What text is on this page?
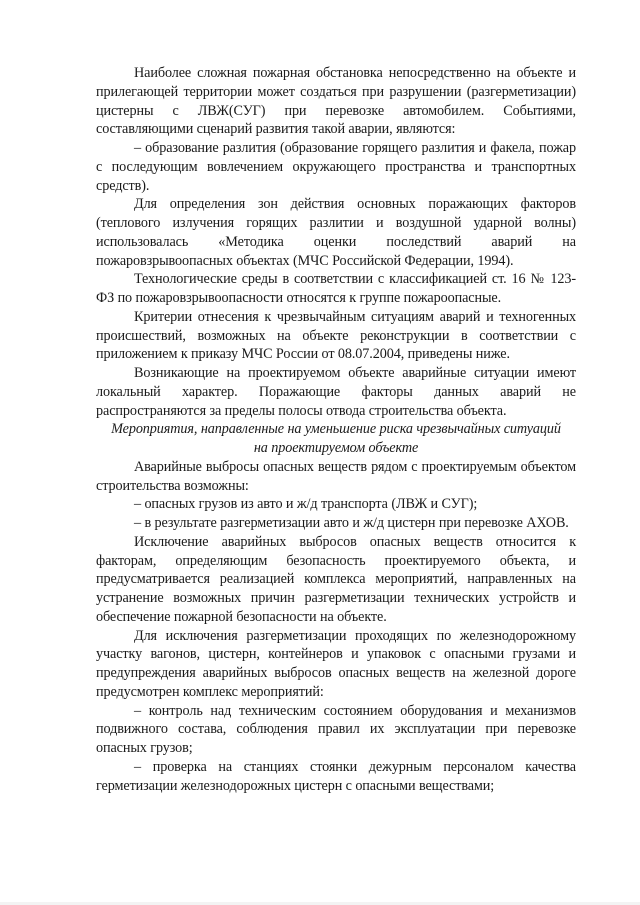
Наиболее сложная пожарная обстановка непосредственно на объекте и прилегающей территории может создаться при разрушении (разгерметизации) цистерны с ЛВЖ(СУГ) при перевозке автомобилем. Событиями, составляющими сценарий развития такой аварии, являются:

– образование разлития (образование горящего разлития и факела, пожар с последующим вовлечением окружающего пространства и транспортных средств).

Для определения зон действия основных поражающих факторов (теплового излучения горящих разлитии и воздушной ударной волны) использовалась «Методика оценки последствий аварий на пожаровзрывоопасных объектах (МЧС Российской Федерации, 1994).

Технологические среды в соответствии с классификацией ст. 16 № 123-ФЗ по пожаровзрывоопасности относятся к группе пожароопасные.

Критерии отнесения к чрезвычайным ситуациям аварий и техногенных происшествий, возможных на объекте реконструкции в соответствии с приложением к приказу МЧС России от 08.07.2004, приведены ниже.

Возникающие на проектируемом объекте аварийные ситуации имеют локальный характер. Поражающие факторы данных аварий не распространяются за пределы полосы отвода строительства объекта.

Мероприятия, направленные на уменьшение риска чрезвычайных ситуаций на проектируемом объекте

Аварийные выбросы опасных веществ рядом с проектируемым объектом строительства возможны:

– опасных грузов из авто и ж/д транспорта (ЛВЖ и СУГ);

– в результате разгерметизации авто и ж/д цистерн при перевозке АХОВ.

Исключение аварийных выбросов опасных веществ относится к факторам, определяющим безопасность проектируемого объекта, и предусматривается реализацией комплекса мероприятий, направленных на устранение возможных причин разгерметизации технических устройств и обеспечение пожарной безопасности на объекте.

Для исключения разгерметизации проходящих по железнодорожному участку вагонов, цистерн, контейнеров и упаковок с опасными грузами и предупреждения аварийных выбросов опасных веществ на железной дороге предусмотрен комплекс мероприятий:

– контроль над техническим состоянием оборудования и механизмов подвижного состава, соблюдения правил их эксплуатации при перевозке опасных грузов;

– проверка на станциях стоянки дежурным персоналом качества герметизации железнодорожных цистерн с опасными веществами;
